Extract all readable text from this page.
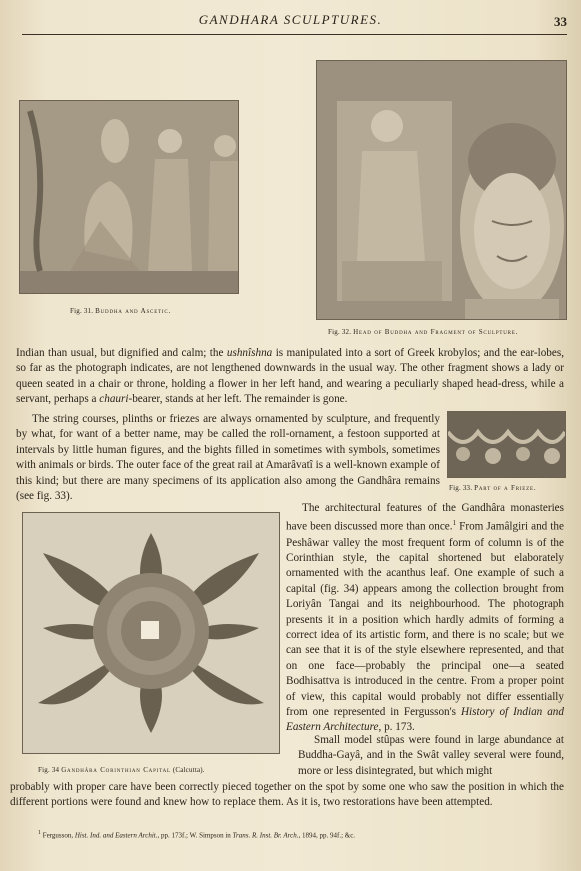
GANDHARA SCULPTURES.	33
Fig. 31. Buddha and Ascetic.
Fig. 32. Head of Buddha and Fragment of Sculpture.

Indian than usual, but dignified and calm; the ushnîshna is manipulated into a sort of Greek krobylos; and the ear-lobes, so far as the photograph indicates, are not lengthened downwards in the usual way. The other fragment shows a lady or queen seated in a chair or throne, holding a flower in her left hand, and wearing a peculiarly shaped head-dress, while a servant, perhaps a chauri-bearer, stands at her left. The remainder is gone.

The string courses, plinths or friezes are always ornamented by sculpture, and frequently by what, for want of a better name, may be called the roll-ornament, a festoon supported at intervals by little human figures, and the bights filled in sometimes with symbols, sometimes with animals or birds. The outer face of the great rail at Amarâvatî is a well-known example of this kind; but there are many specimens of its application also among the Gandhâra remains (see fig. 33).

Fig. 33. Part of a Frieze.
Fig. 34 Gandhâra Corinthian Capital (Calcutta).

The architectural features of the Gandhâra monasteries have been discussed more than once.$^1$ From Jamâlgiri and the Peshâwar valley the most frequent form of column is of the Corinthian style, the capital shortened but elaborately ornamented with the acanthus leaf. One example of such a capital (fig. 34) appears among the collection brought from Loriyân Tangai and its neighbourhood. The photograph presents it in a position which hardly admits of forming a correct idea of its artistic form, and there is no scale; but we can see that it is of the style elsewhere represented, and that on one face—probably the principal one—a seated Bodhisattva is introduced in the centre. From a proper point of view, this capital would probably not differ essentially from one represented in Fergusson's History of Indian and Eastern Architecture, p. 173.

Small model stûpas were found in large abundance at Buddha-Gayâ, and in the Swât valley several were found, more or less disintegrated, but which might

probably with proper care have been correctly pieced together on the spot by some one who saw the position in which the different portions were found and knew how to replace them. As it is, two restorations have been attempted.

$^1$ Fergusson, Hist. Ind. and Eastern Archit., pp. 173f.; W. Simpson in Trans. R. Inst. Br. Arch., 1894, pp. 94f.; &c.
